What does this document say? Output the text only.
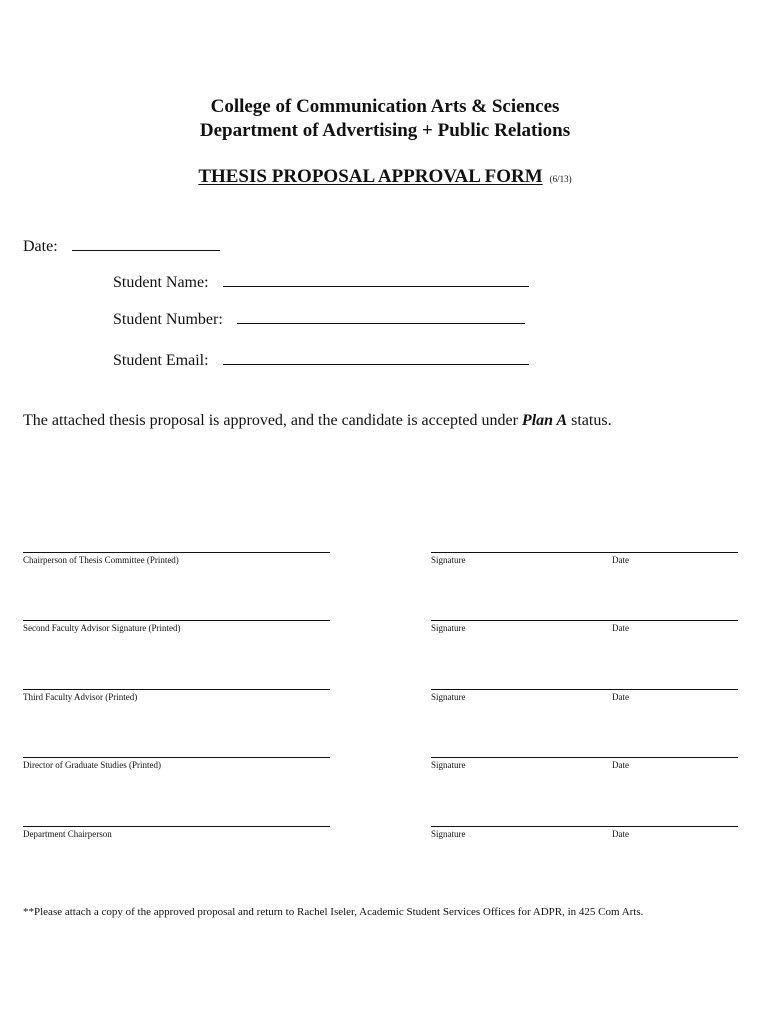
College of Communication Arts & Sciences
Department of Advertising + Public Relations
THESIS PROPOSAL APPROVAL FORM (6/13)
Date:
Student Name:
Student Number:
Student Email:
The attached thesis proposal is approved, and the candidate is accepted under Plan A status.
Chairperson of Thesis Committee (Printed)	Signature	Date
Second Faculty Advisor Signature (Printed)	Signature	Date
Third Faculty Advisor (Printed)	Signature	Date
Director of Graduate Studies (Printed)	Signature	Date
Department Chairperson	Signature	Date
**Please attach a copy of the approved proposal and return to Rachel Iseler, Academic Student Services Offices for ADPR, in 425 Com Arts.
